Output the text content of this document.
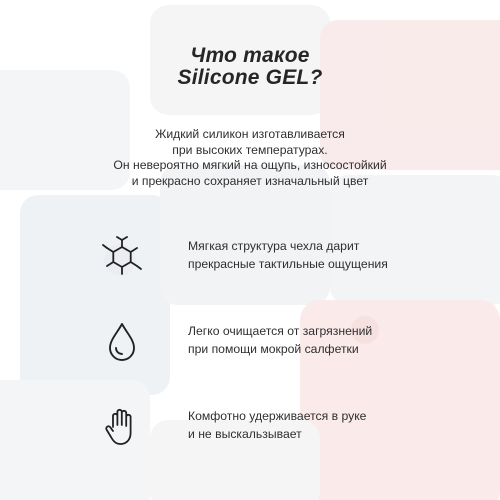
Что такое
Silicone GEL?
Жидкий силикон изготавливается
при высоких температурах.
Он невероятно мягкий на ощупь, износостойкий
и прекрасно сохраняет изначальный цвет
Мягкая структура чехла дарит
прекрасные тактильные ощущения
Легко очищается от загрязнений
при помощи мокрой салфетки
Комфотно удерживается в руке
и не выскальзывает
